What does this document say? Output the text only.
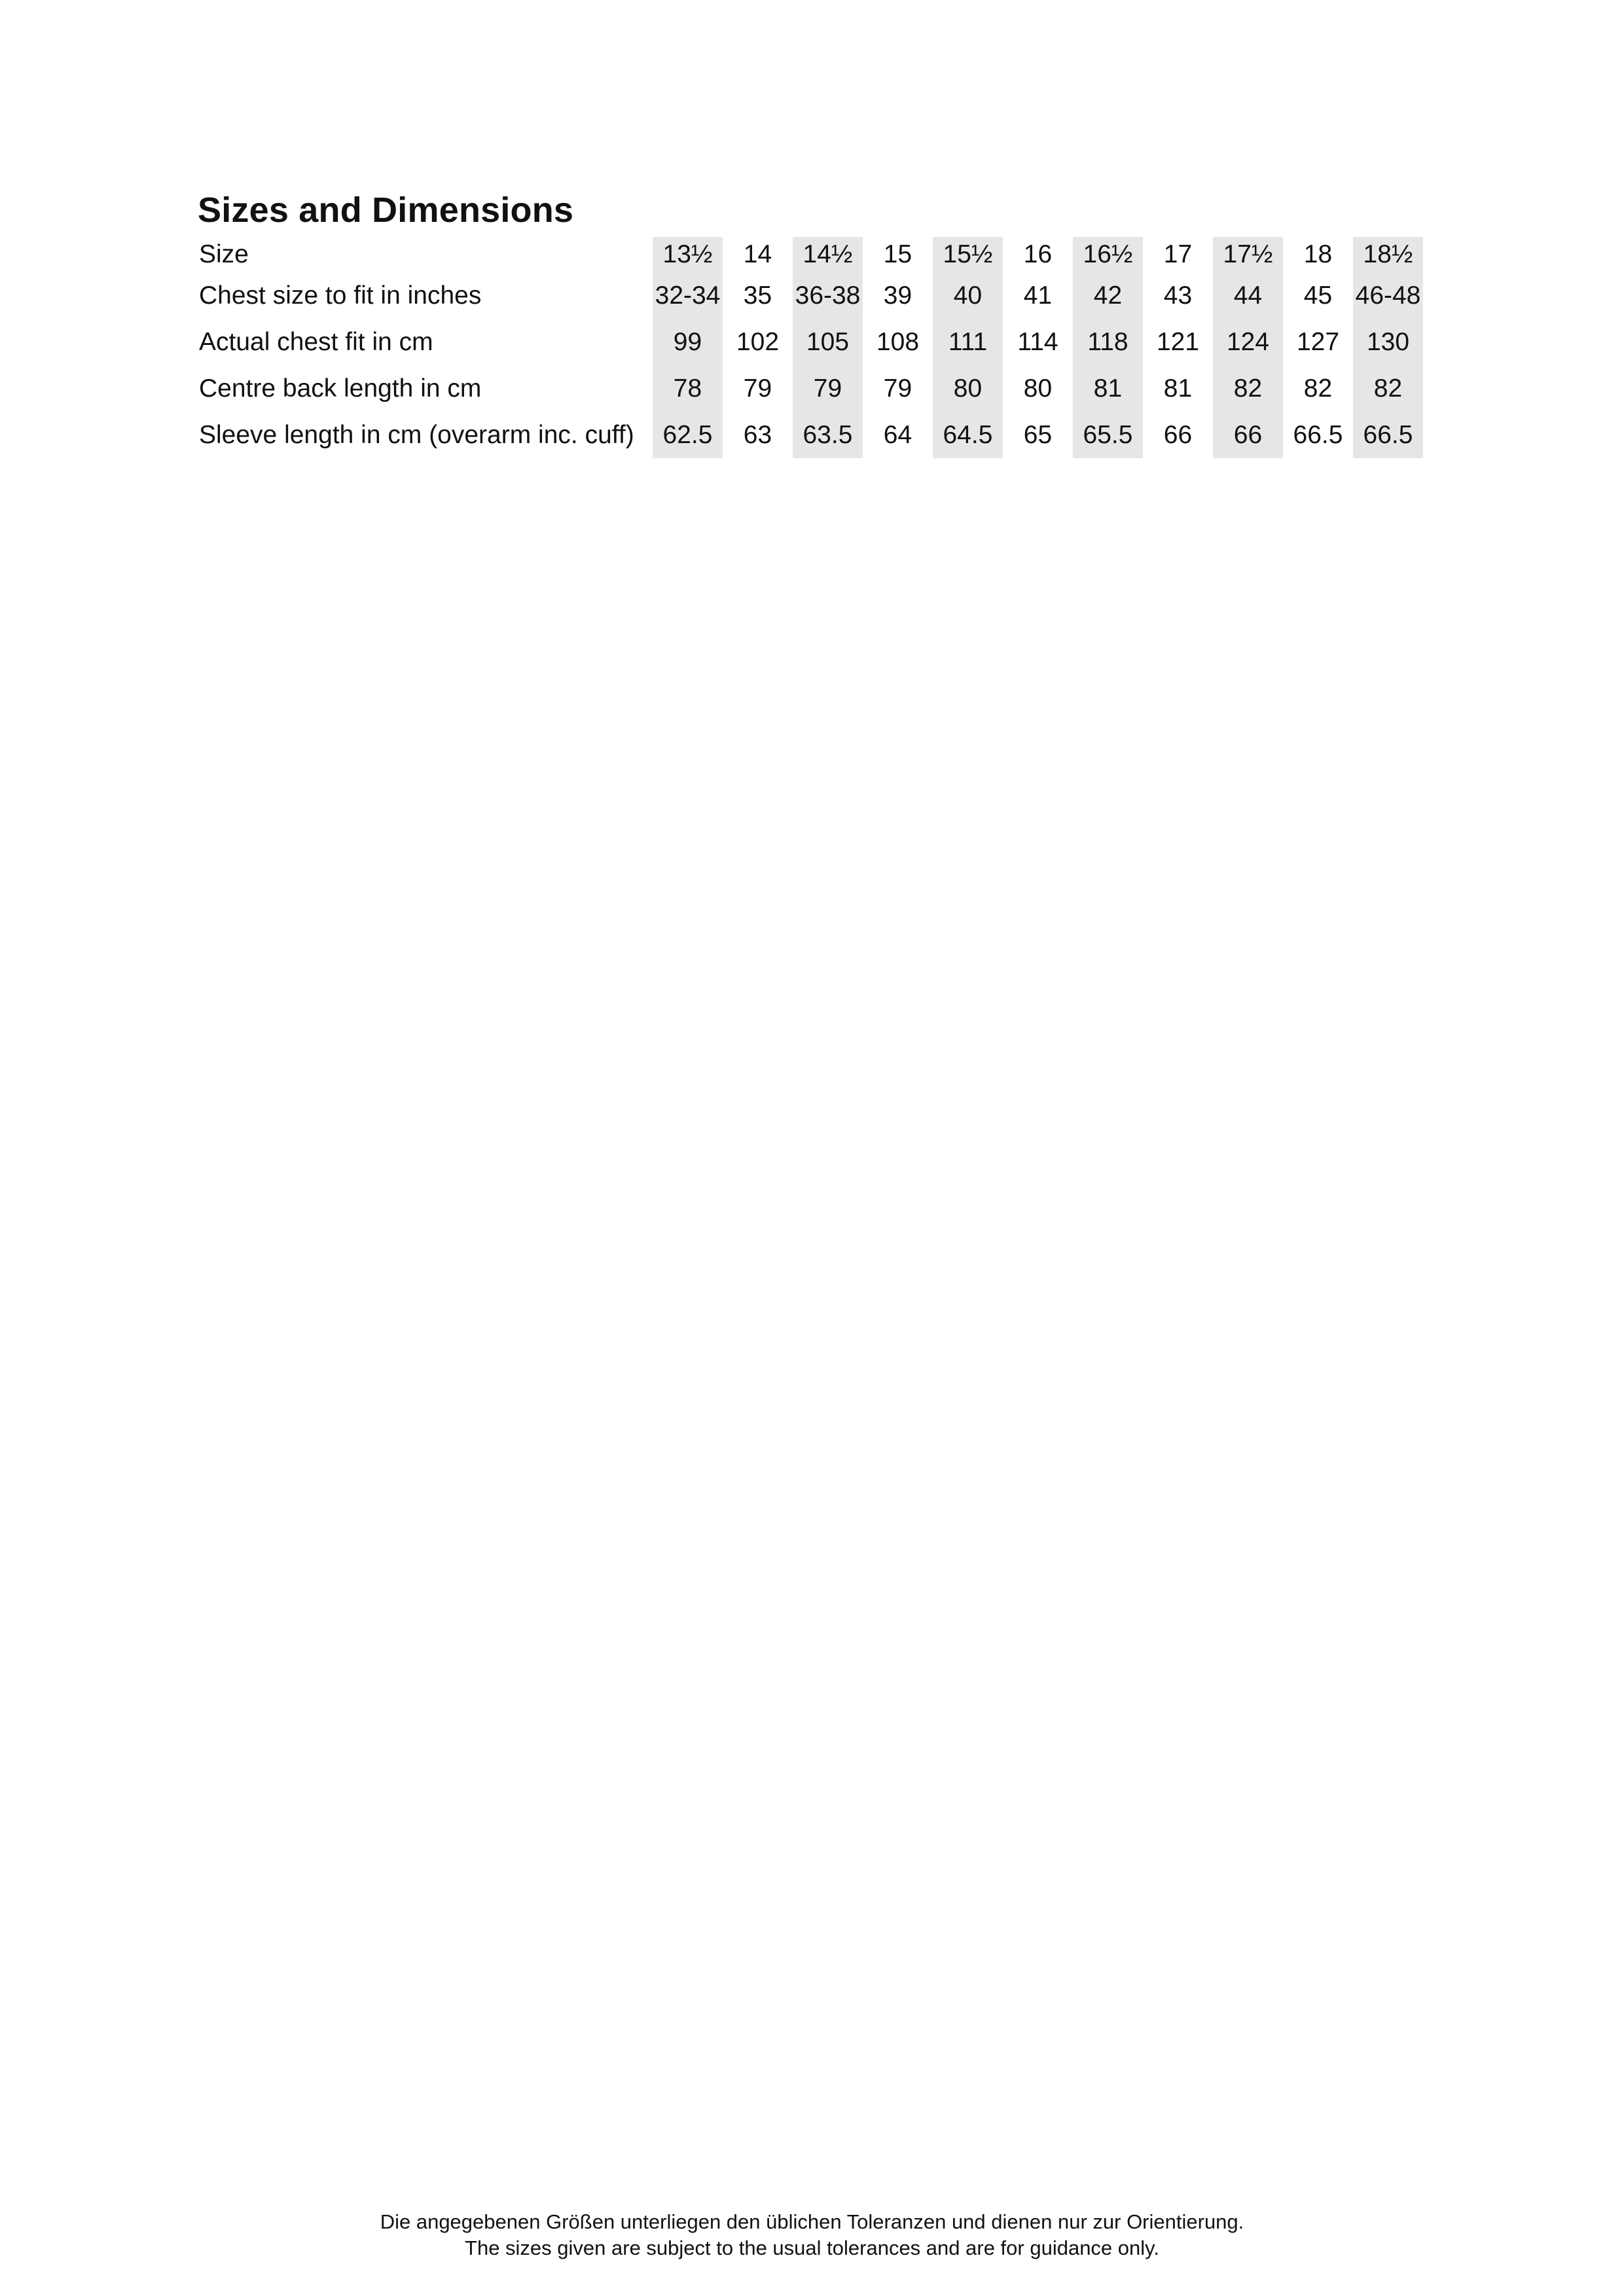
Sizes and Dimensions
Size	13½	14	14½	15	15½	16	16½	17	17½	18	18½
Chest size to fit in inches	32-34	35	36-38	39	40	41	42	43	44	45	46-48
Actual chest fit in cm	99	102	105	108	111	114	118	121	124	127	130
Centre back length in cm	78	79	79	79	80	80	81	81	82	82	82
Sleeve length in cm (overarm inc. cuff)	62.5	63	63.5	64	64.5	65	65.5	66	66	66.5	66.5

Die angegebenen Größen unterliegen den üblichen Toleranzen und dienen nur zur Orientierung.

The sizes given are subject to the usual tolerances and are for guidance only.
